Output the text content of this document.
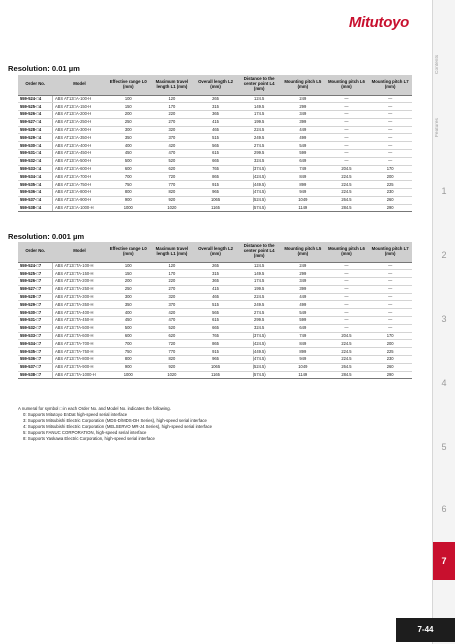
Mitutoyo
Resolution: 0.01 µm
Order No.	Model	Effective range L0 (mm)	Maximum travel length L1 (mm)	Overall length L2 (mm)	Distance to the center point L4 (mm)	Mounting pitch L5 (mm)	Mounting pitch L6 (mm)	Mounting pitch L7 (mm)
559-524-□4	ABS AT13□A-100-H	100	120	265	124.5	249	—	—
559-525-□4	ABS AT13□A-150-H	150	170	315	149.5	299	—	—
559-526-□4	ABS AT13□A-200-H	200	220	365	174.5	349	—	—
559-527-□4	ABS AT13□A-250-H	250	270	415	199.5	399	—	—
559-528-□4	ABS AT13□A-300-H	300	320	465	224.5	449	—	—
559-529-□4	ABS AT13□A-350-H	350	370	515	249.5	499	—	—
559-530-□4	ABS AT13□A-400-H	400	420	565	274.5	549	—	—
559-531-□4	ABS AT13□A-450-H	450	470	615	299.5	599	—	—
559-532-□4	ABS AT13□A-500-H	500	520	665	324.5	649	—	—
559-533-□4	ABS AT13□A-600-H	600	620	765	(374.5)	749	204.5	170
559-534-□4	ABS AT13□A-700-H	700	720	865	(424.5)	849	224.5	200
559-535-□4	ABS AT13□A-750-H	750	770	915	(449.5)	899	224.5	225
559-536-□4	ABS AT13□A-800-H	800	820	965	(474.5)	949	224.5	230
559-537-□4	ABS AT13□A-900-H	900	920	1065	(524.5)	1049	264.5	260
559-538-□4	ABS AT13□A-1000-H	1000	1020	1165	(574.5)	1149	284.5	290
Resolution: 0.001 µm
Order No.	Model	Effective range L0 (mm)	Maximum travel length L1 (mm)	Overall length L2 (mm)	Distance to the center point L4 (mm)	Mounting pitch L5 (mm)	Mounting pitch L6 (mm)	Mounting pitch L7 (mm)
559-524-□7	ABS AT13□TA-100-H	100	120	265	124.5	249	—	—
559-525-□7	ABS AT13□TA-150-H	150	170	315	149.5	299	—	—
559-526-□7	ABS AT13□TA-200-H	200	220	365	174.5	349	—	—
559-527-□7	ABS AT13□TA-250-H	250	270	415	199.5	399	—	—
559-528-□7	ABS AT13□TA-300-H	300	320	465	224.5	449	—	—
559-529-□7	ABS AT13□TA-350-H	350	370	515	249.5	499	—	—
559-530-□7	ABS AT13□TA-400-H	400	420	565	274.5	549	—	—
559-531-□7	ABS AT13□TA-450-H	450	470	615	299.5	599	—	—
559-532-□7	ABS AT13□TA-500-H	500	520	665	324.5	649	—	—
559-533-□7	ABS AT13□TA-600-H	600	620	765	(374.5)	749	204.5	170
559-534-□7	ABS AT13□TA-700-H	700	720	865	(424.5)	849	224.5	200
559-535-□7	ABS AT13□TA-750-H	750	770	915	(449.5)	899	224.5	225
559-536-□7	ABS AT13□TA-800-H	800	820	965	(474.5)	949	224.5	230
559-537-□7	ABS AT13□TA-900-H	900	920	1065	(524.5)	1049	264.5	260
559-538-□7	ABS AT13□TA-1000-H	1000	1020	1165	(574.5)	1149	284.5	290
A numeral for symbol □ in each Order No. and Model No. indicates the following.
0: Supports Mitutoyo EnDat high-speed serial interface
3: Supports Mitsubishi Electric Corporation (MDS-D/MDS-DH Series), high-speed serial interface
4: Supports Mitsubishi Electric Corporation (MELSERVO MR-J4 Series), high-speed serial interface
5: Supports FANUC CORPORATION, high-speed serial interface
8: Supports Yaskawa Electric Corporation, high-speed serial interface
Contents
Features
1
2
3
4
5
6
7
7-44
